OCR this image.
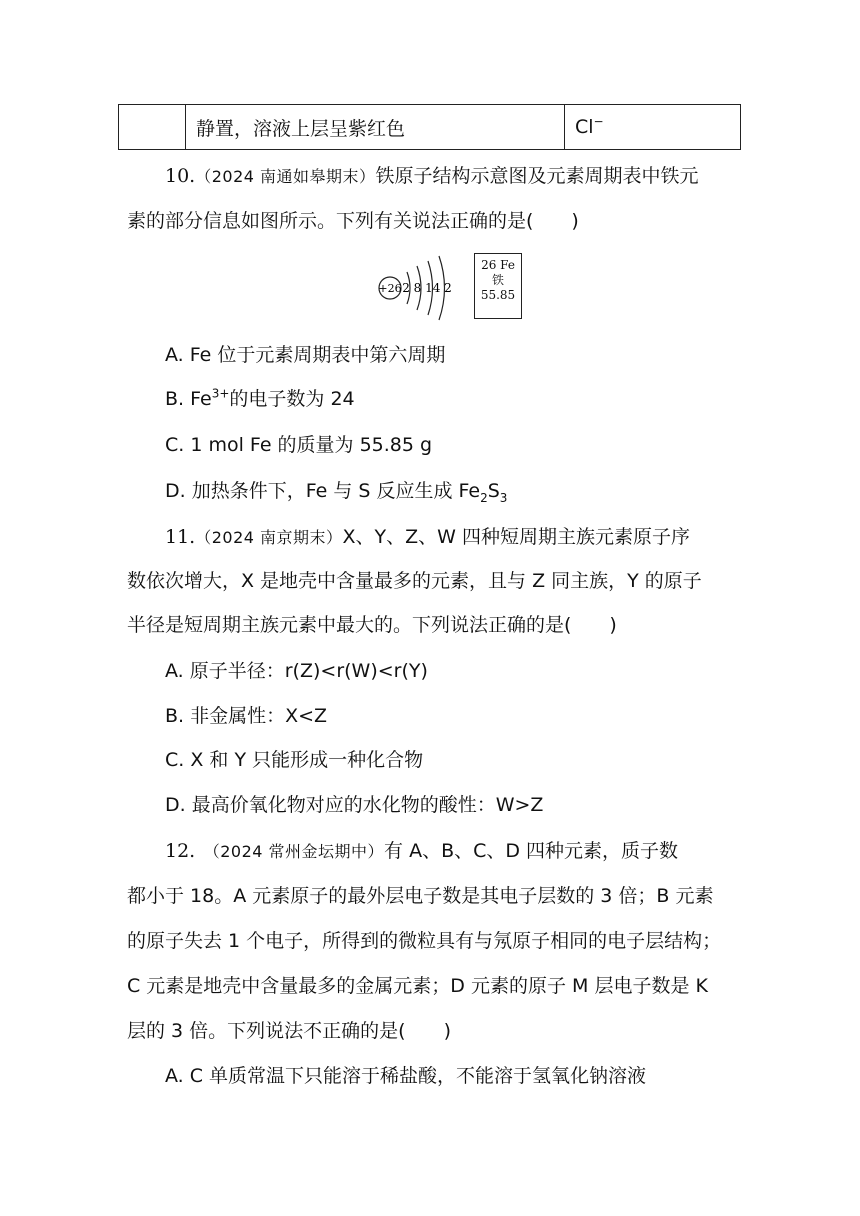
	静置，溶液上层呈紫红色	Cl−
10.（2024 南通如皋期末）铁原子结构示意图及元素周期表中铁元
素的部分信息如图所示。下列有关说法正确的是(　　)
+26 2 8 14 2
26 Fe
铁
55.85
A. Fe 位于元素周期表中第六周期
B. $Fe^{3+}$的电子数为 24
C. 1 mol Fe 的质量为 55.85 g
D. 加热条件下，Fe 与 S 反应生成 $Fe_2S_3$
11.（2024 南京期末）X、Y、Z、W 四种短周期主族元素原子序
数依次增大，X 是地壳中含量最多的元素，且与 Z 同主族，Y 的原子
半径是短周期主族元素中最大的。下列说法正确的是(　　)
A. 原子半径：r(Z)<r(W)<r(Y)
B. 非金属性：X<Z
C. X 和 Y 只能形成一种化合物
D. 最高价氧化物对应的水化物的酸性：W>Z
12.　（2024 常州金坛期中）有 A、B、C、D 四种元素，质子数
都小于 18。A 元素原子的最外层电子数是其电子层数的 3 倍；B 元素
的原子失去 1 个电子，所得到的微粒具有与氖原子相同的电子层结构；
C 元素是地壳中含量最多的金属元素；D 元素的原子 M 层电子数是 K
层的 3 倍。下列说法不正确的是(　　)
A. C 单质常温下只能溶于稀盐酸，不能溶于氢氧化钠溶液
